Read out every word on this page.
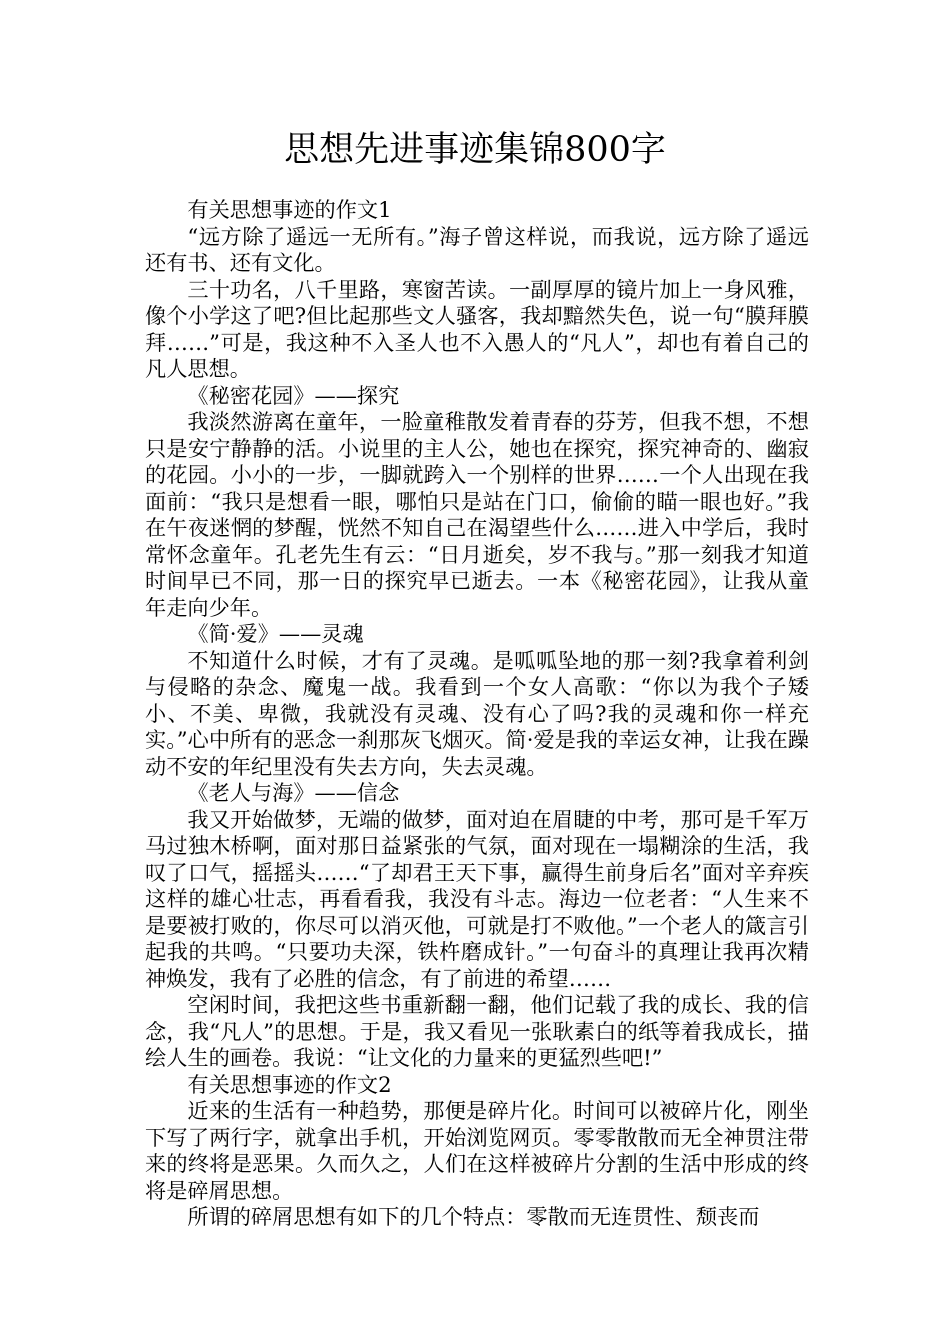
思想先进事迹集锦800字

有关思想事迹的作文1

“远方除了遥远一无所有。”海子曾这样说，而我说，远方除了遥远还有书、还有文化。

三十功名，八千里路，寒窗苦读。一副厚厚的镜片加上一身风雅，像个小学这了吧?但比起那些文人骚客，我却黯然失色，说一句“膜拜膜拜……”可是，我这种不入圣人也不入愚人的“凡人”，却也有着自己的凡人思想。

《秘密花园》——探究

我淡然游离在童年，一脸童稚散发着青春的芬芳，但我不想，不想只是安宁静静的活。小说里的主人公，她也在探究，探究神奇的、幽寂的花园。小小的一步，一脚就跨入一个别样的世界……一个人出现在我面前：“我只是想看一眼，哪怕只是站在门口，偷偷的瞄一眼也好。”我在午夜迷惘的梦醒，恍然不知自己在渴望些什么……进入中学后，我时常怀念童年。孔老先生有云：“日月逝矣，岁不我与。”那一刻我才知道时间早已不同，那一日的探究早已逝去。一本《秘密花园》，让我从童年走向少年。

《简·爱》——灵魂

不知道什么时候，才有了灵魂。是呱呱坠地的那一刻?我拿着利剑与侵略的杂念、魔鬼一战。我看到一个女人高歌：“你以为我个子矮小、不美、卑微，我就没有灵魂、没有心了吗?我的灵魂和你一样充实。”心中所有的恶念一刹那灰飞烟灭。简·爱是我的幸运女神，让我在躁动不安的年纪里没有失去方向，失去灵魂。

《老人与海》——信念

我又开始做梦，无端的做梦，面对迫在眉睫的中考，那可是千军万马过独木桥啊，面对那日益紧张的气氛，面对现在一塌糊涂的生活，我叹了口气，摇摇头……“了却君王天下事，赢得生前身后名”面对辛弃疾这样的雄心壮志，再看看我，我没有斗志。海边一位老者：“人生来不是要被打败的，你尽可以消灭他，可就是打不败他。”一个老人的箴言引起我的共鸣。“只要功夫深，铁杵磨成针。”一句奋斗的真理让我再次精神焕发，我有了必胜的信念，有了前进的希望……

空闲时间，我把这些书重新翻一翻，他们记载了我的成长、我的信念，我“凡人”的思想。于是，我又看见一张耿素白的纸等着我成长，描绘人生的画卷。我说：“让文化的力量来的更猛烈些吧!”

有关思想事迹的作文2

近来的生活有一种趋势，那便是碎片化。时间可以被碎片化，刚坐下写了两行字，就拿出手机，开始浏览网页。零零散散而无全神贯注带来的终将是恶果。久而久之，人们在这样被碎片分割的生活中形成的终将是碎屑思想。

所谓的碎屑思想有如下的几个特点：零散而无连贯性、颓丧而
